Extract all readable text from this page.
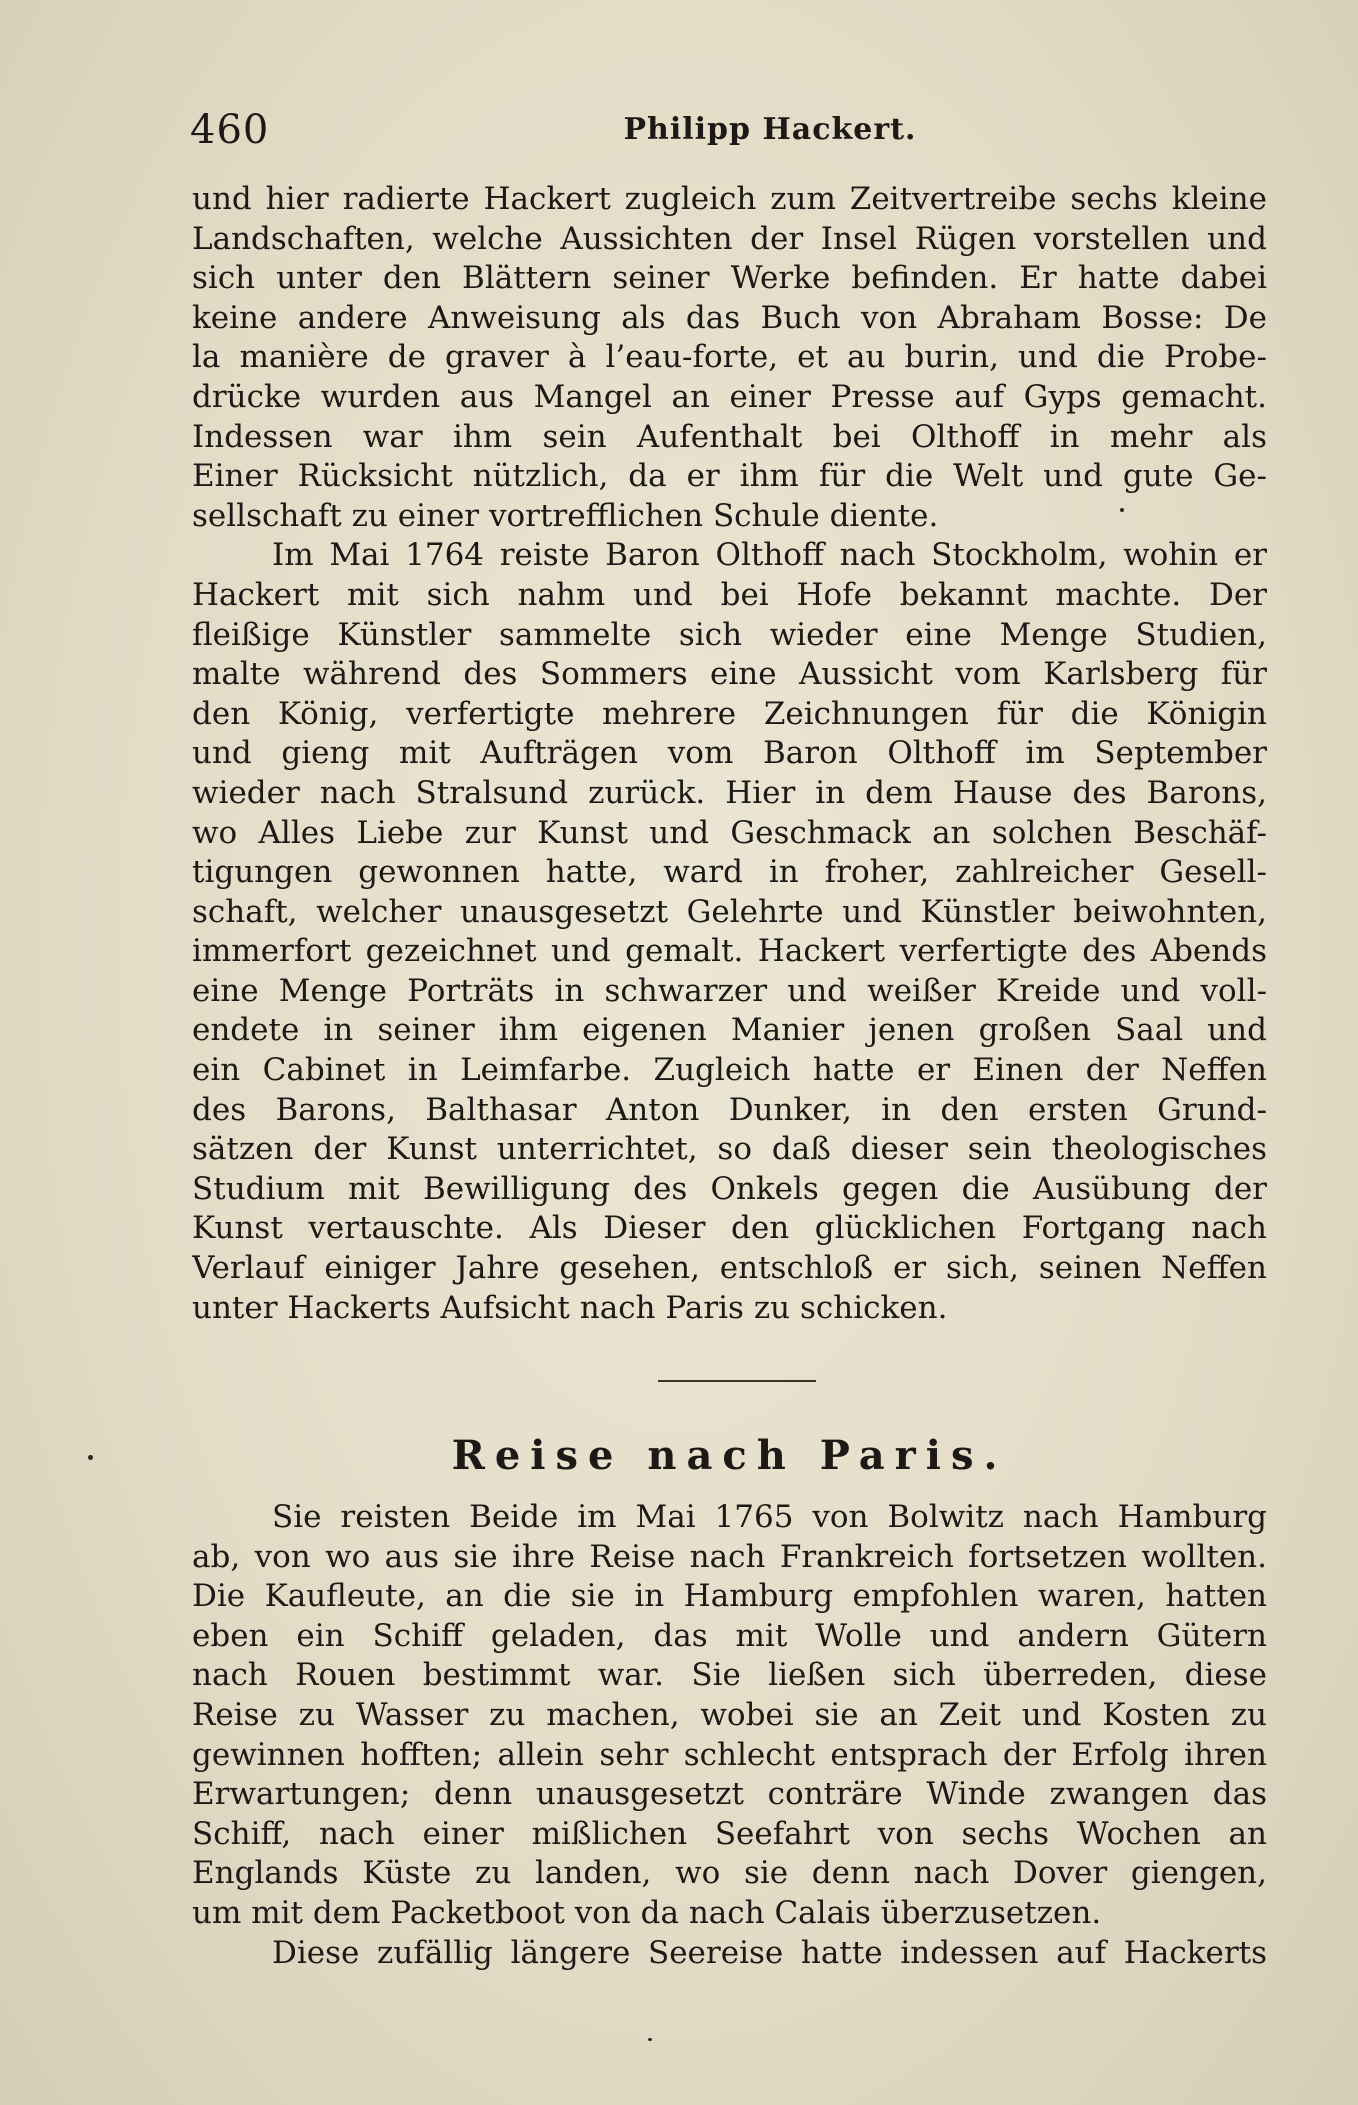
460	Philipp Hackert.
und hier radierte Hackert zugleich zum Zeitvertreibe sechs kleine
Landschaften, welche Aussichten der Insel Rügen vorstellen und
sich unter den Blättern seiner Werke befinden. Er hatte dabei
keine andere Anweisung als das Buch von Abraham Bosse: De
la manière de graver à l’eau-forte, et au burin, und die Probe-
drücke wurden aus Mangel an einer Presse auf Gyps gemacht.
Indessen war ihm sein Aufenthalt bei Olthoff in mehr als
Einer Rücksicht nützlich, da er ihm für die Welt und gute Ge-
sellschaft zu einer vortrefflichen Schule diente.
Im Mai 1764 reiste Baron Olthoff nach Stockholm, wohin er
Hackert mit sich nahm und bei Hofe bekannt machte. Der
fleißige Künstler sammelte sich wieder eine Menge Studien,
malte während des Sommers eine Aussicht vom Karlsberg für
den König, verfertigte mehrere Zeichnungen für die Königin
und gieng mit Aufträgen vom Baron Olthoff im September
wieder nach Stralsund zurück. Hier in dem Hause des Barons,
wo Alles Liebe zur Kunst und Geschmack an solchen Beschäf-
tigungen gewonnen hatte, ward in froher, zahlreicher Gesell-
schaft, welcher unausgesetzt Gelehrte und Künstler beiwohnten,
immerfort gezeichnet und gemalt. Hackert verfertigte des Abends
eine Menge Porträts in schwarzer und weißer Kreide und voll-
endete in seiner ihm eigenen Manier jenen großen Saal und
ein Cabinet in Leimfarbe. Zugleich hatte er Einen der Neffen
des Barons, Balthasar Anton Dunker, in den ersten Grund-
sätzen der Kunst unterrichtet, so daß dieser sein theologisches
Studium mit Bewilligung des Onkels gegen die Ausübung der
Kunst vertauschte. Als Dieser den glücklichen Fortgang nach
Verlauf einiger Jahre gesehen, entschloß er sich, seinen Neffen
unter Hackerts Aufsicht nach Paris zu schicken.
Reise nach Paris.
Sie reisten Beide im Mai 1765 von Bolwitz nach Hamburg
ab, von wo aus sie ihre Reise nach Frankreich fortsetzen wollten.
Die Kaufleute, an die sie in Hamburg empfohlen waren, hatten
eben ein Schiff geladen, das mit Wolle und andern Gütern
nach Rouen bestimmt war. Sie ließen sich überreden, diese
Reise zu Wasser zu machen, wobei sie an Zeit und Kosten zu
gewinnen hofften; allein sehr schlecht entsprach der Erfolg ihren
Erwartungen; denn unausgesetzt conträre Winde zwangen das
Schiff, nach einer mißlichen Seefahrt von sechs Wochen an
Englands Küste zu landen, wo sie denn nach Dover giengen,
um mit dem Packetboot von da nach Calais überzusetzen.
Diese zufällig längere Seereise hatte indessen auf Hackerts
